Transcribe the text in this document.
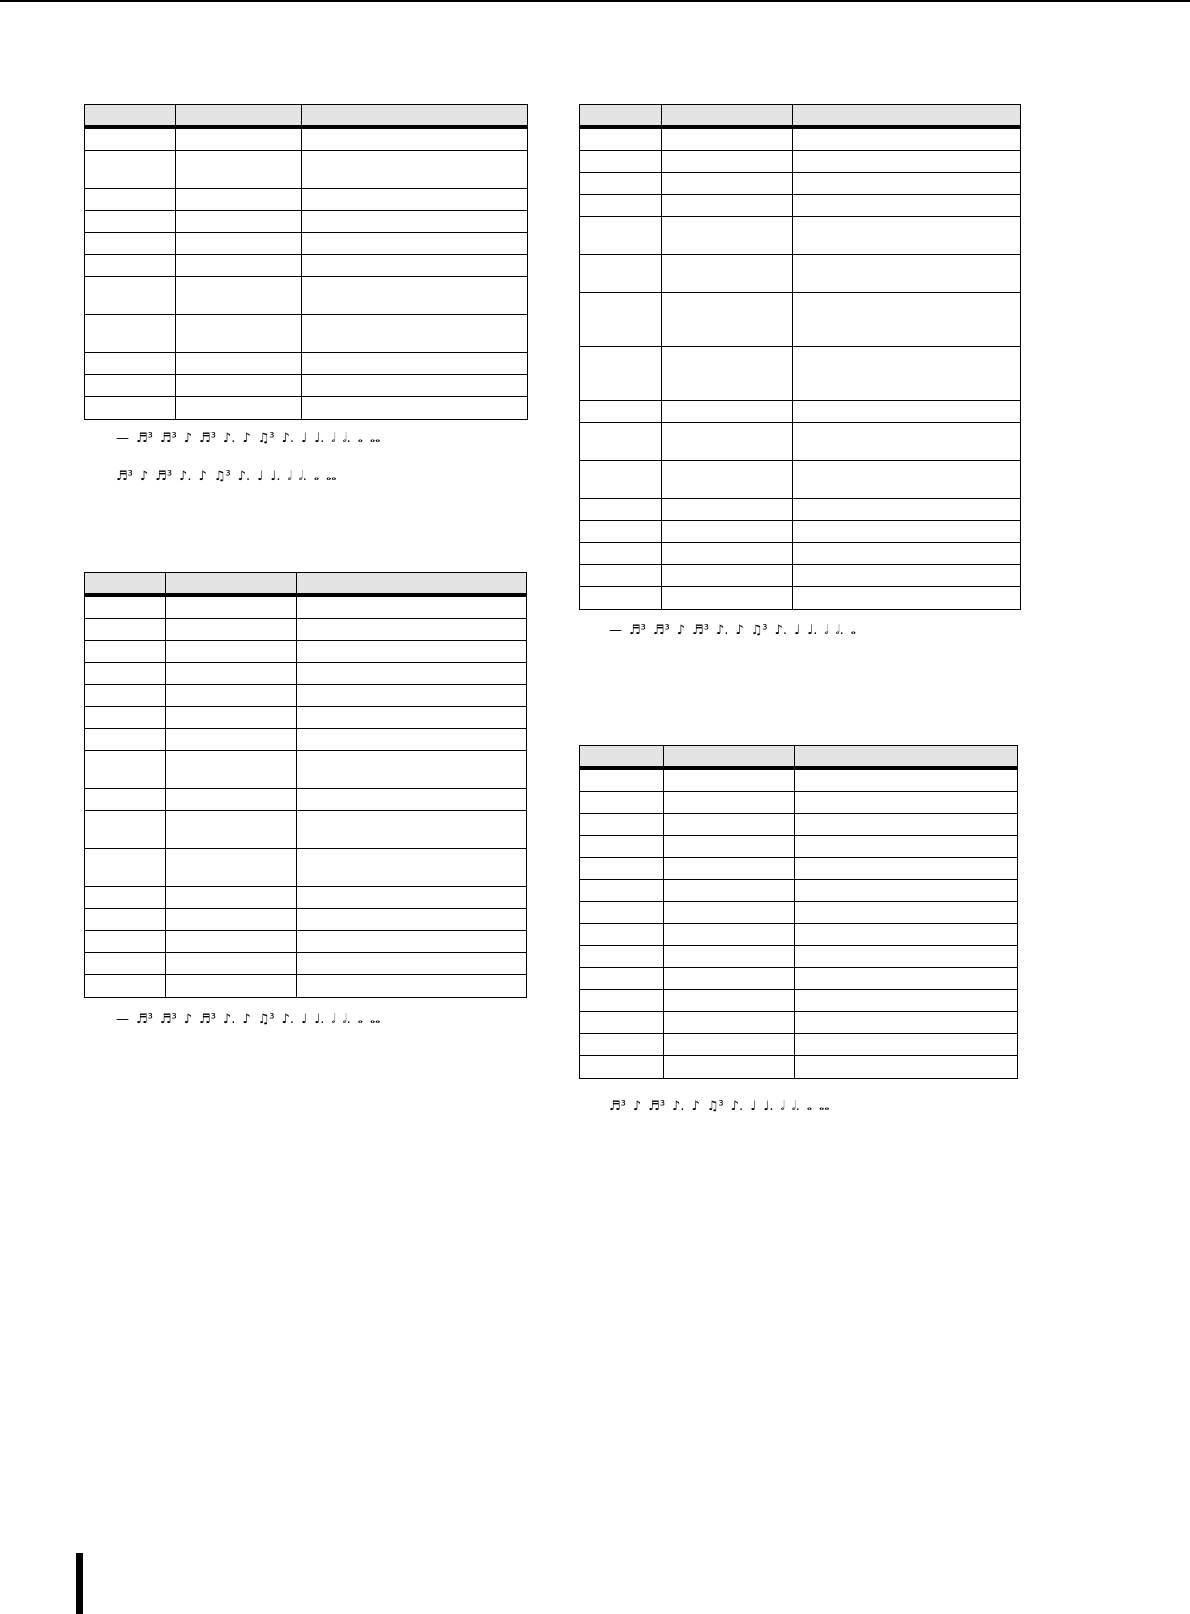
— ♬³ ♬³ ♪ ♬³ ♪. ♪ ♫³ ♪. ♩ ♩. 𝅗𝅥 𝅗𝅥. 𝅝 𝅝𝅝
♬³ ♪ ♬³ ♪. ♪ ♫³ ♪. ♩ ♩. 𝅗𝅥 𝅗𝅥. 𝅝 𝅝𝅝
— ♬³ ♬³ ♪ ♬³ ♪. ♪ ♫³ ♪. ♩ ♩. 𝅗𝅥 𝅗𝅥. 𝅝 𝅝𝅝
— ♬³ ♬³ ♪ ♬³ ♪. ♪ ♫³ ♪. ♩ ♩. 𝅗𝅥 𝅗𝅥. 𝅝
♬³ ♪ ♬³ ♪. ♪ ♫³ ♪. ♩ ♩. 𝅗𝅥 𝅗𝅥. 𝅝 𝅝𝅝
